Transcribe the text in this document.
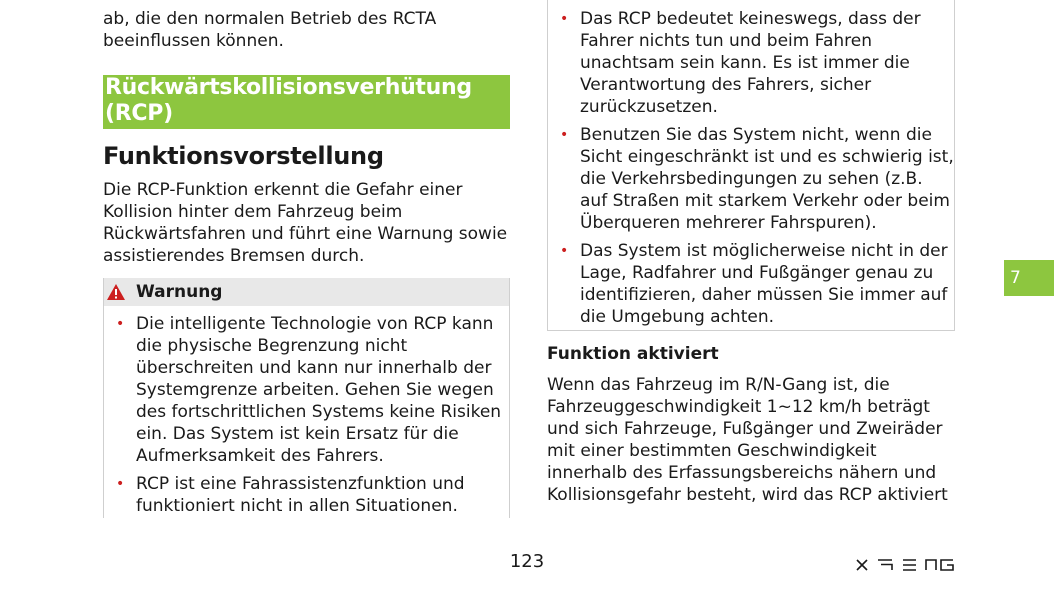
ab, die den normalen Betrieb des RCTA beeinflussen können.

Rückwärtskollisionsverhütung (RCP)
Funktionsvorstellung

Die RCP-Funktion erkennt die Gefahr einer Kollision hinter dem Fahrzeug beim Rückwärtsfahren und führt eine Warnung sowie assistierendes Bremsen durch.

Warnung
• Die intelligente Technologie von RCP kann die physische Begrenzung nicht überschreiten und kann nur innerhalb der Systemgrenze arbeiten. Gehen Sie wegen des fortschrittlichen Systems keine Risiken ein. Das System ist kein Ersatz für die Aufmerksamkeit des Fahrers.
• RCP ist eine Fahrassistenzfunktion und funktioniert nicht in allen Situationen.
• Das RCP bedeutet keineswegs, dass der Fahrer nichts tun und beim Fahren unachtsam sein kann. Es ist immer die Verantwortung des Fahrers, sicher zurückzusetzen.
• Benutzen Sie das System nicht, wenn die Sicht eingeschränkt ist und es schwierig ist, die Verkehrsbedingungen zu sehen (z.B. auf Straßen mit starkem Verkehr oder beim Überqueren mehrerer Fahrspuren).
• Das System ist möglicherweise nicht in der Lage, Radfahrer und Fußgänger genau zu identifizieren, daher müssen Sie immer auf die Umgebung achten.
Funktion aktiviert

Wenn das Fahrzeug im R/N-Gang ist, die Fahrzeuggeschwindigkeit 1~12 km/h beträgt und sich Fahrzeuge, Fußgänger und Zweiräder mit einer bestimmten Geschwindigkeit innerhalb des Erfassungsbereichs nähern und Kollisionsgefahr besteht, wird das RCP aktiviert

123
7
